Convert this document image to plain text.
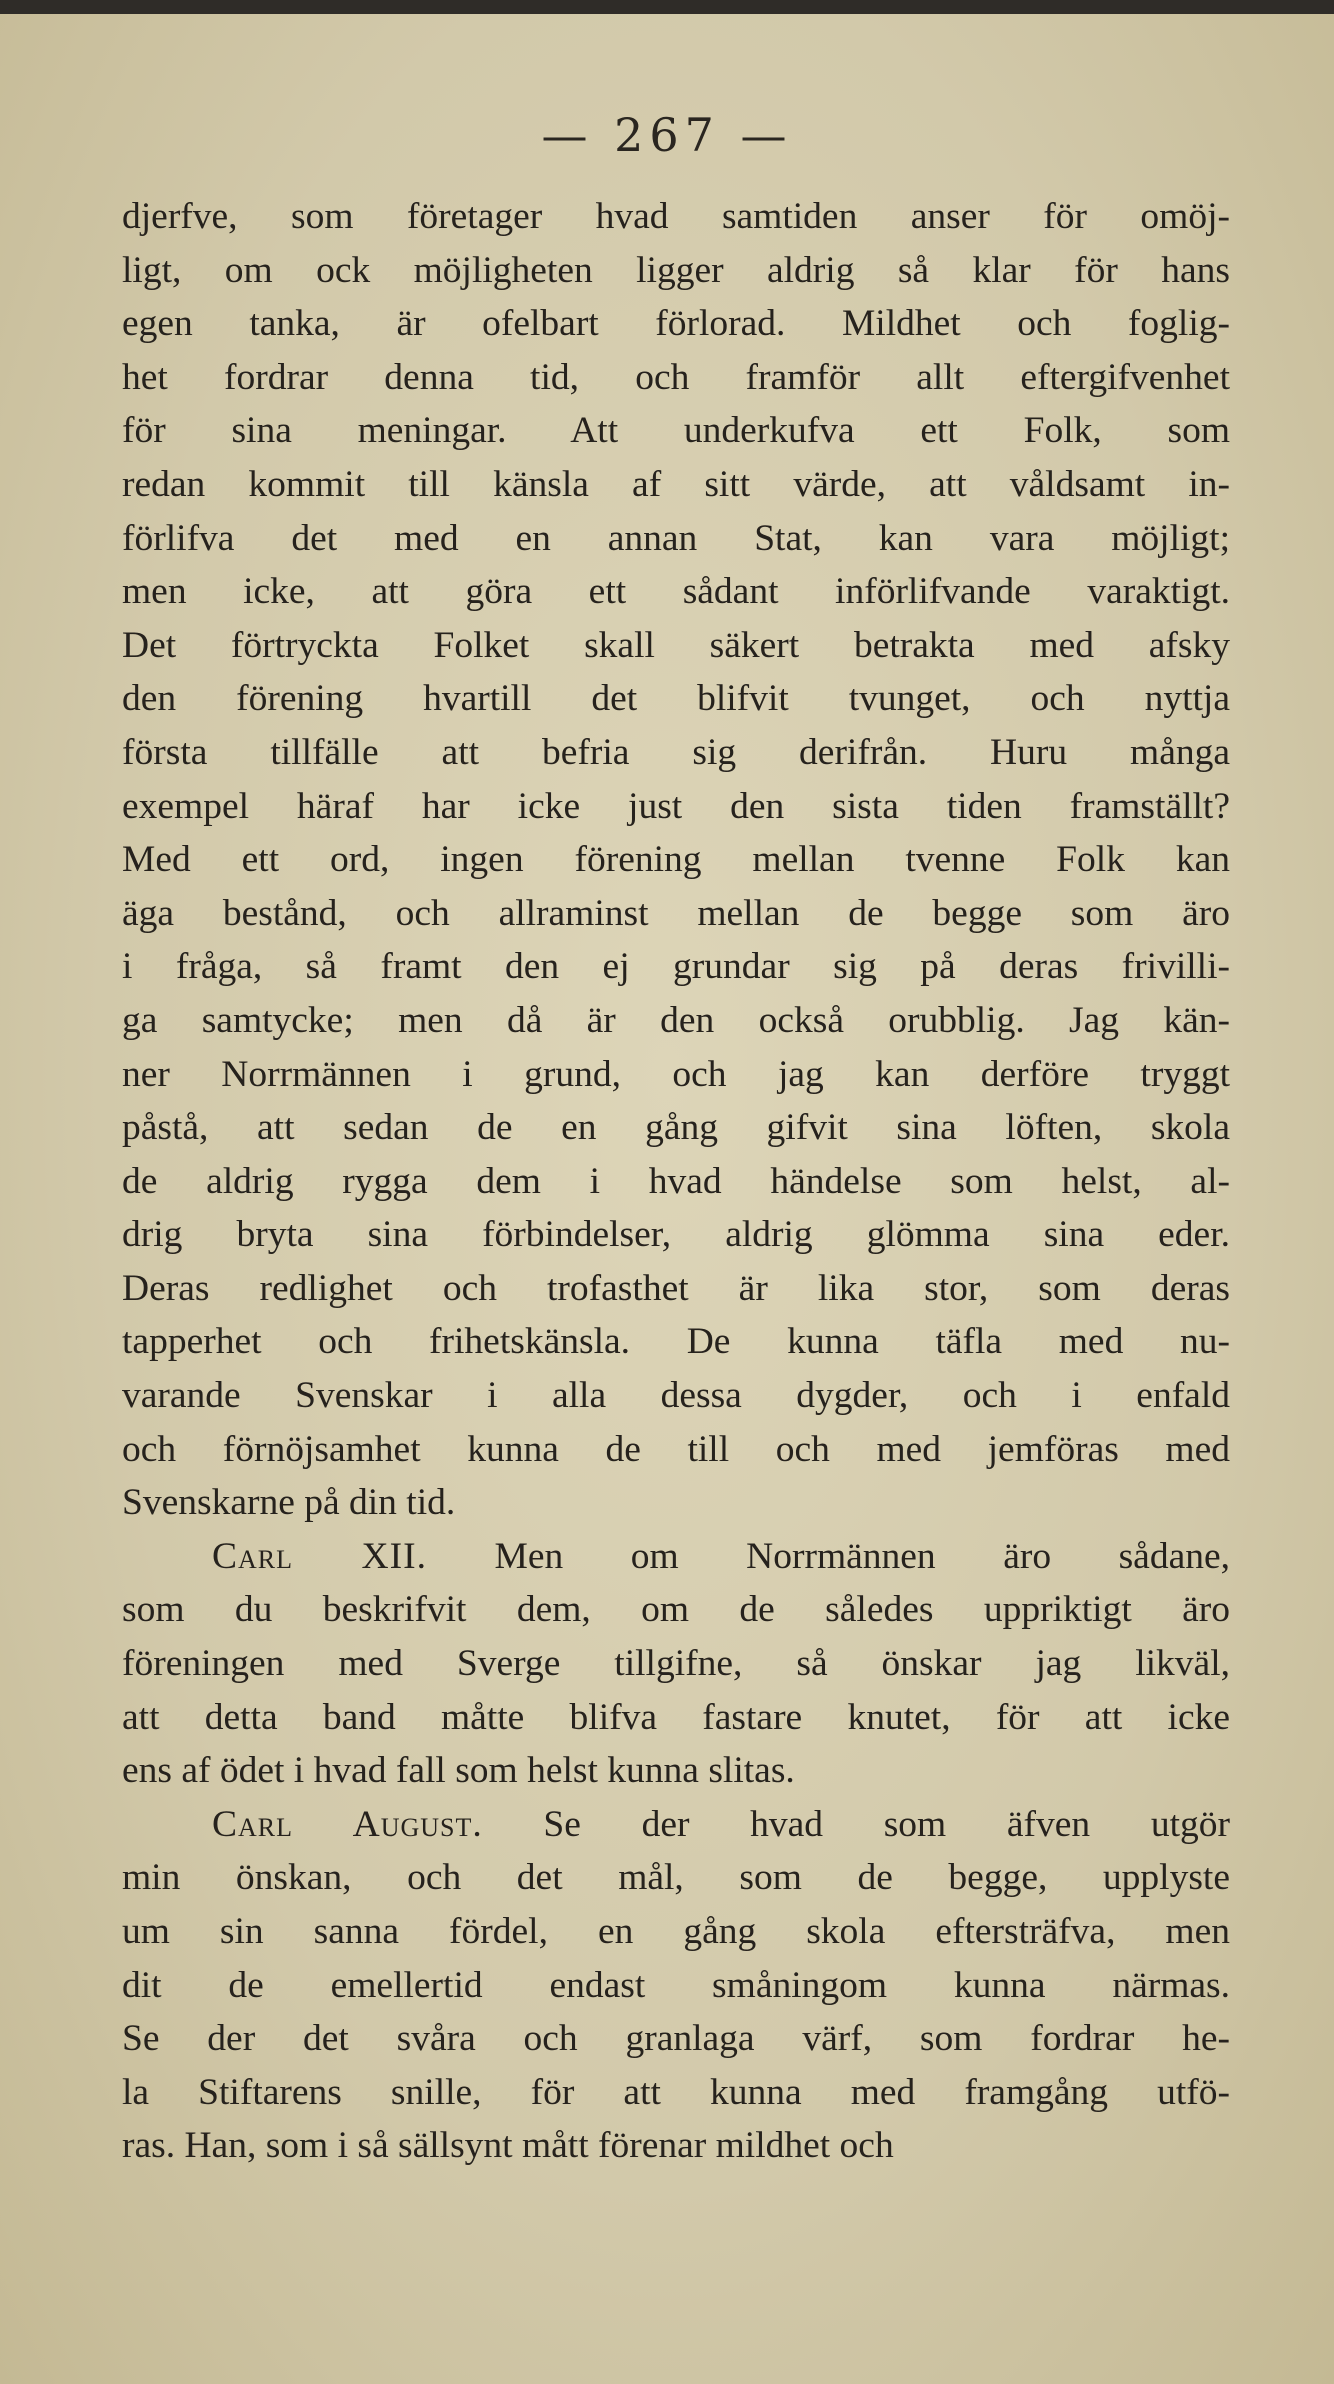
— 267 —
djerfve, som företager hvad samtiden anser för omöj-
ligt, om ock möjligheten ligger aldrig så klar för hans
egen tanka, är ofelbart förlorad. Mildhet och foglig-
het fordrar denna tid, och framför allt eftergifvenhet
för sina meningar. Att underkufva ett Folk, som
redan kommit till känsla af sitt värde, att våldsamt in-
förlifva det med en annan Stat, kan vara möjligt;
men icke, att göra ett sådant införlifvande varaktigt.
Det förtryckta Folket skall säkert betrakta med afsky
den förening hvartill det blifvit tvunget, och nyttja
första tillfälle att befria sig derifrån. Huru många
exempel häraf har icke just den sista tiden framställt?
Med ett ord, ingen förening mellan tvenne Folk kan
äga bestånd, och allraminst mellan de begge som äro
i fråga, så framt den ej grundar sig på deras frivilli-
ga samtycke; men då är den också orubblig. Jag kän-
ner Norrmännen i grund, och jag kan derföre tryggt
påstå, att sedan de en gång gifvit sina löften, skola
de aldrig rygga dem i hvad händelse som helst, al-
drig bryta sina förbindelser, aldrig glömma sina eder.
Deras redlighet och trofasthet är lika stor, som deras
tapperhet och frihetskänsla. De kunna täfla med nu-
varande Svenskar i alla dessa dygder, och i enfald
och förnöjsamhet kunna de till och med jemföras med
Svenskarne på din tid.
Carl XII. Men om Norrmännen äro sådane,
som du beskrifvit dem, om de således uppriktigt äro
föreningen med Sverge tillgifne, så önskar jag likväl,
att detta band måtte blifva fastare knutet, för att icke
ens af ödet i hvad fall som helst kunna slitas.
Carl August. Se der hvad som äfven utgör
min önskan, och det mål, som de begge, upplyste
um sin sanna fördel, en gång skola eftersträfva, men
dit de emellertid endast småningom kunna närmas.
Se der det svåra och granlaga värf, som fordrar he-
la Stiftarens snille, för att kunna med framgång utfö-
ras. Han, som i så sällsynt mått förenar mildhet och
